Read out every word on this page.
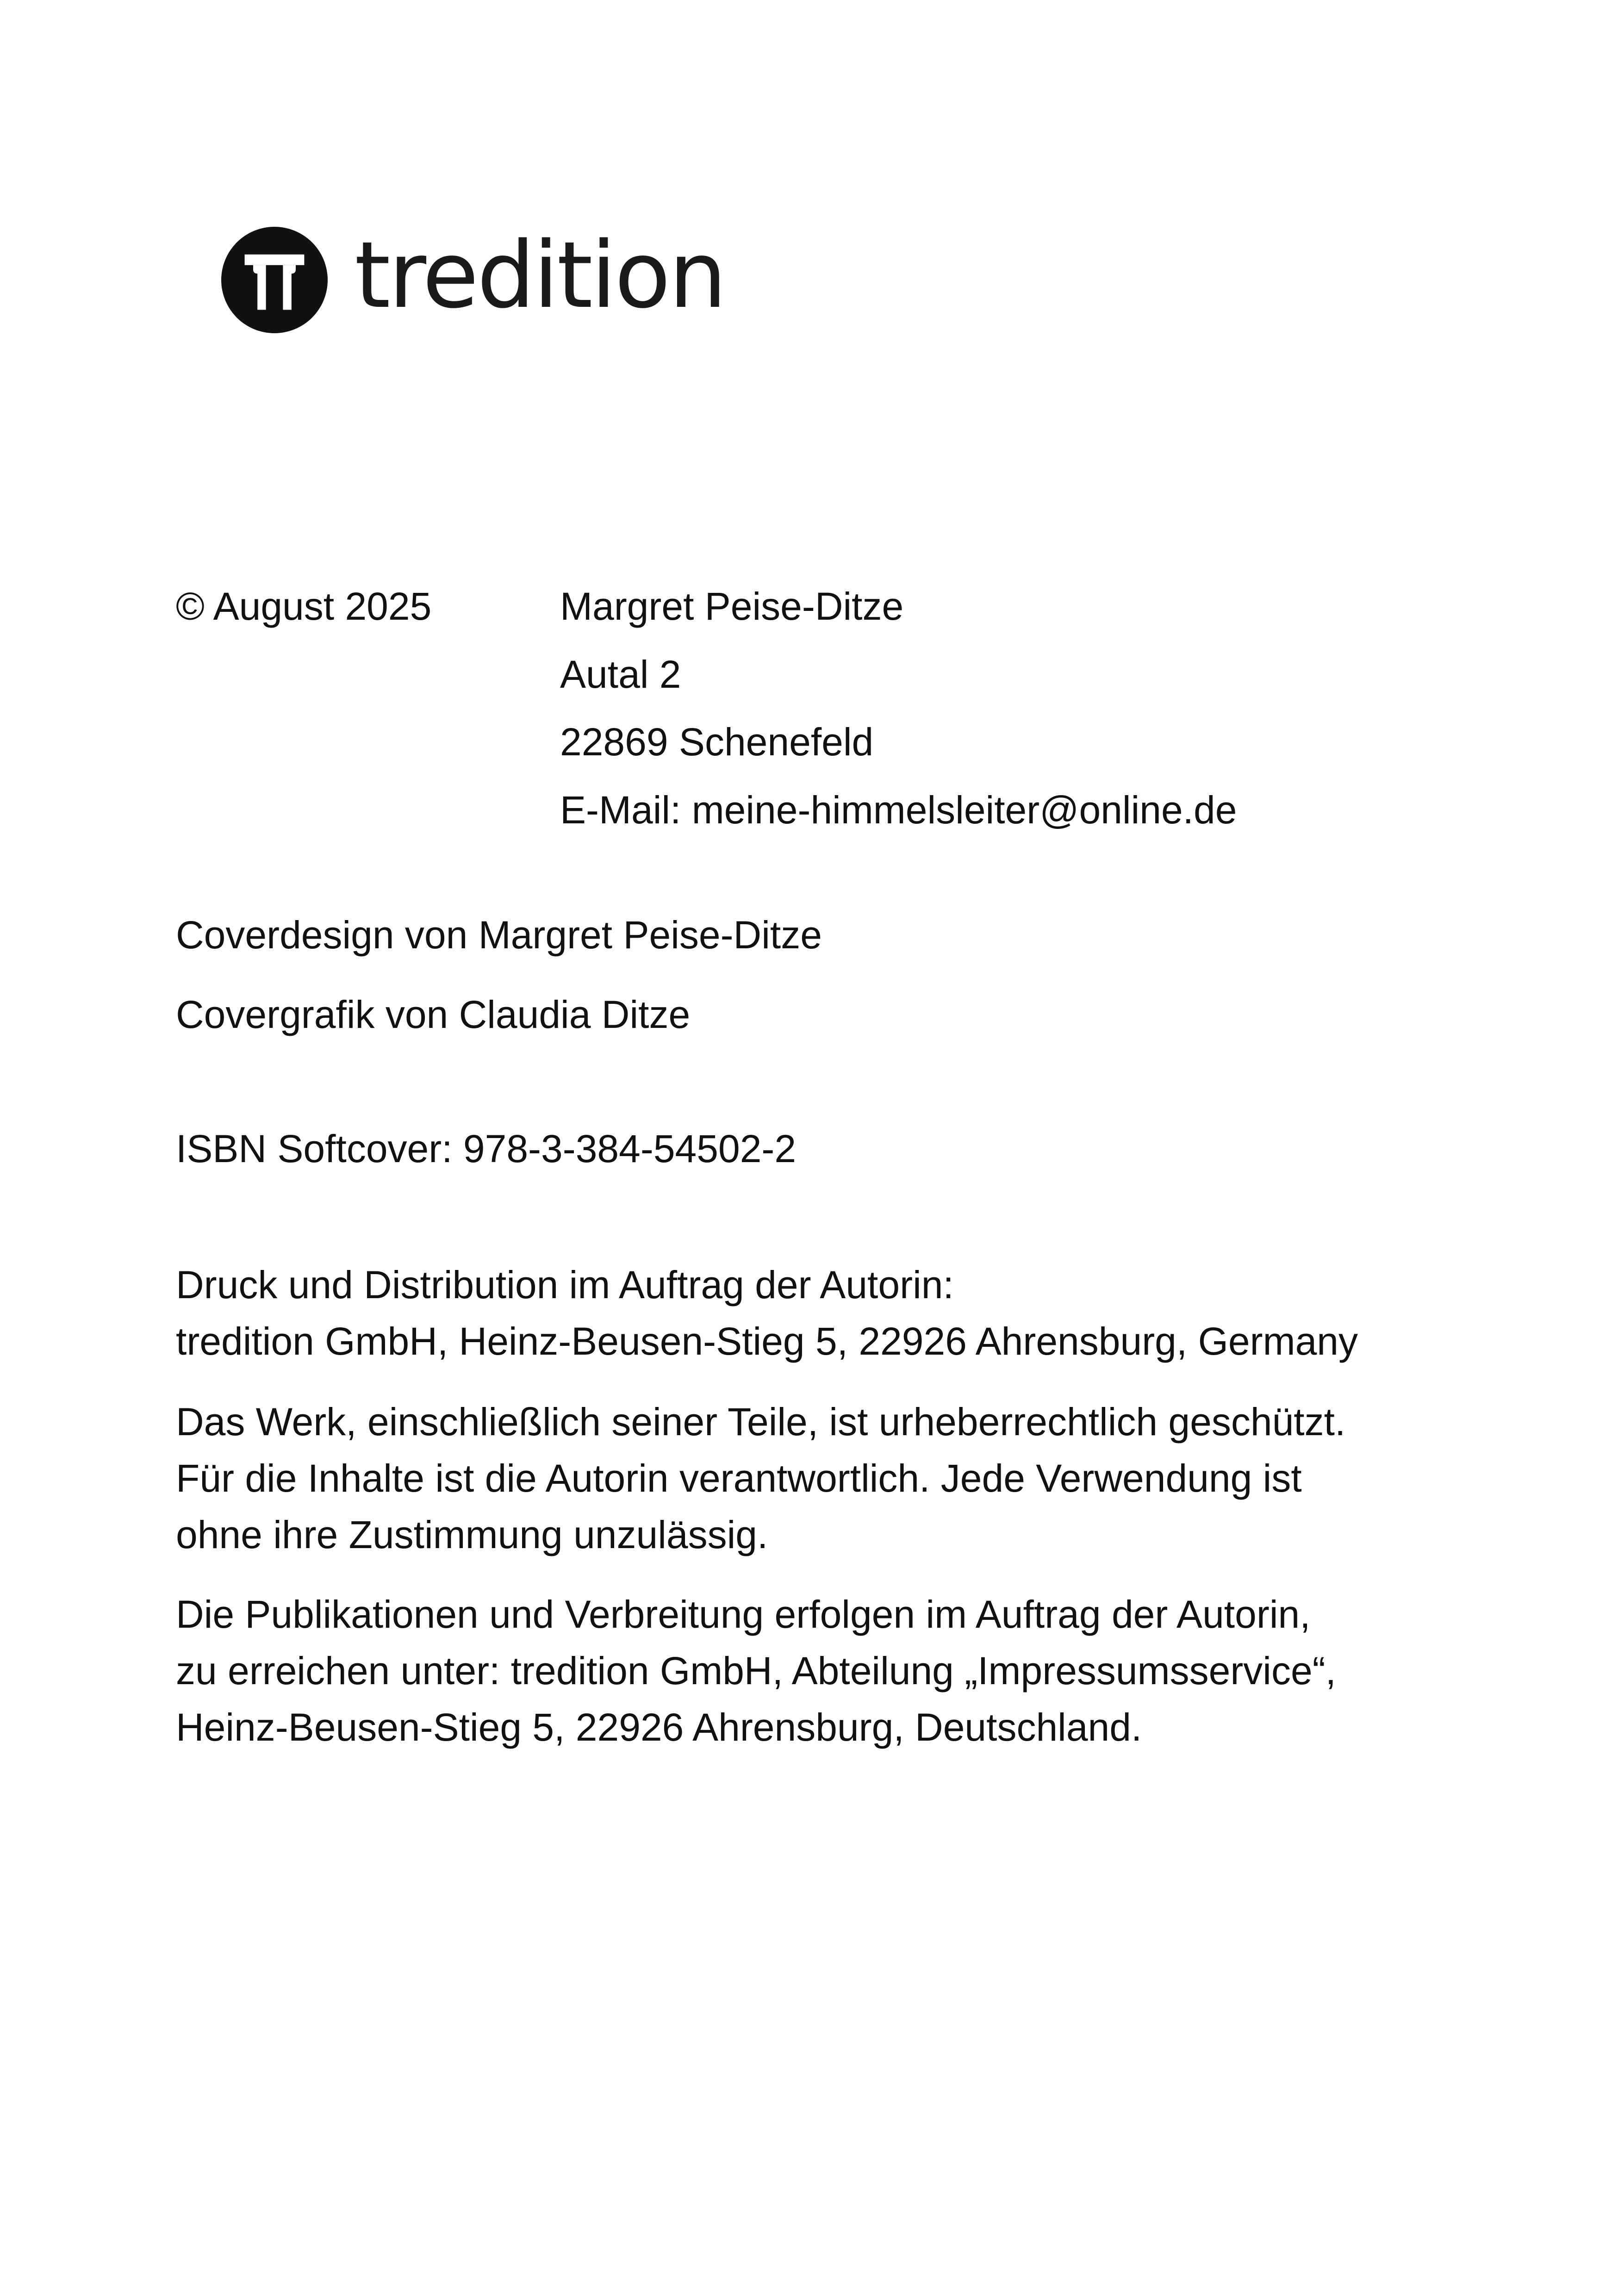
tredition
© August 2025	Margret Peise-Ditze
Autal 2
22869 Schenefeld
E-Mail: meine-himmelsleiter@online.de
Coverdesign von Margret Peise-Ditze
Covergrafik von Claudia Ditze
ISBN Softcover: 978-3-384-54502-2
Druck und Distribution im Auftrag der Autorin:
tredition GmbH, Heinz-Beusen-Stieg 5, 22926 Ahrensburg, Germany
Das Werk, einschließlich seiner Teile, ist urheberrechtlich geschützt.
Für die Inhalte ist die Autorin verantwortlich. Jede Verwendung ist
ohne ihre Zustimmung unzulässig.
Die Publikationen und Verbreitung erfolgen im Auftrag der Autorin,
zu erreichen unter: tredition GmbH, Abteilung „Impressumsservice“,
Heinz-Beusen-Stieg 5, 22926 Ahrensburg, Deutschland.
